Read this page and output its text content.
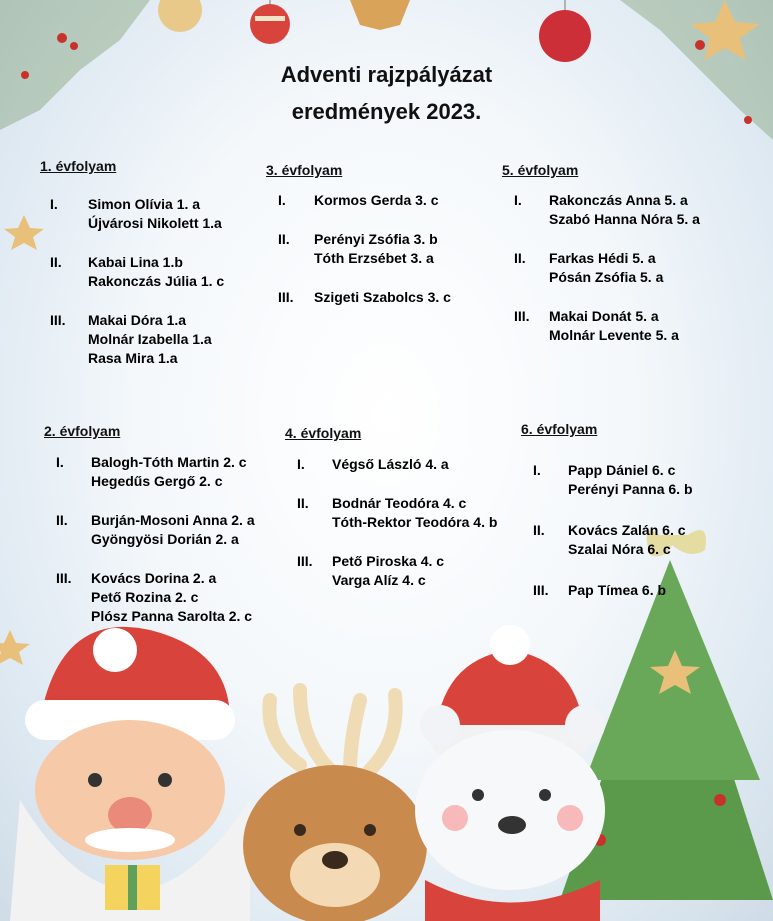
Adventi rajzpályázat
eredmények 2023.
1. évfolyam
I. Simon Olívia 1. a
Újvárosi Nikolett 1.a
II. Kabai Lina 1.b
Rakonczás Júlia 1. c
III. Makai Dóra 1.a
Molnár Izabella 1.a
Rasa Mira 1.a
3. évfolyam
I. Kormos Gerda 3. c
II. Perényi Zsófia 3. b
Tóth Erzsébet 3. a
III. Szigeti Szabolcs 3. c
5. évfolyam
I. Rakonczás Anna 5. a
Szabó Hanna Nóra 5. a
II. Farkas Hédi 5. a
Pósán Zsófia 5. a
III. Makai Donát 5. a
Molnár Levente 5. a
2. évfolyam
I. Balogh-Tóth Martin 2. c
Hegedűs Gergő 2. c
II. Burján-Mosoni Anna 2. a
Gyöngyösi Dorián 2. a
III. Kovács Dorina 2. a
Pető Rozina 2. c
Plósz Panna Sarolta 2. c
4. évfolyam
I. Végső László 4. a
II. Bodnár Teodóra 4. c
Tóth-Rektor Teodóra 4. b
III. Pető Piroska 4. c
Varga Alíz 4. c
6. évfolyam
I. Papp Dániel 6. c
Perényi Panna 6. b
II. Kovács Zalán 6. c
Szalai Nóra 6. c
III. Pap Tímea 6. b
